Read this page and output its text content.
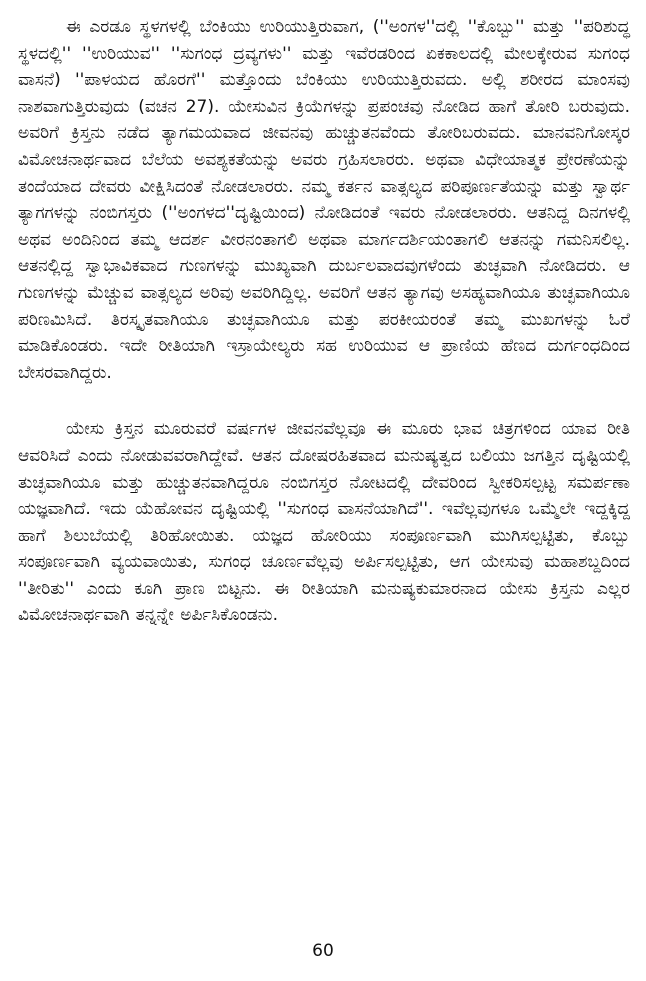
ಈ ಎರಡೂ ಸ್ಥಳಗಳಲ್ಲಿ ಬೆಂಕಿಯು ಉರಿಯುತ್ತಿರುವಾಗ, (''ಅಂಗಳ''ದಲ್ಲಿ ''ಕೊಬ್ಬು'' ಮತ್ತು ''ಪರಿಶುದ್ಧ ಸ್ಥಳದಲ್ಲಿ'' ''ಉರಿಯುವ'' ''ಸುಗಂಧ ದ್ರವ್ಯಗಳು'' ಮತ್ತು ಇವೆರಡರಿಂದ ಏಕಕಾಲದಲ್ಲಿ ಮೇಲಕ್ಕೇರುವ ಸುಗಂಧ ವಾಸನೆ) ''ಪಾಳಯದ ಹೊರಗೆ'' ಮತ್ತೊಂದು ಬೆಂಕಿಯು ಉರಿಯುತ್ತಿರುವದು. ಅಲ್ಲಿ ಶರೀರದ ಮಾಂಸವು ನಾಶವಾಗುತ್ತಿರುವುದು (ವಚನ 27). ಯೇಸುವಿನ ಕ್ರಿಯೆಗಳನ್ನು ಪ್ರಪಂಚವು ನೋಡಿದ ಹಾಗೆ ತೋರಿ ಬರುವುದು. ಅವರಿಗೆ ಕ್ರಿಸ್ತನು ನಡೆದ ತ್ಯಾಗಮಯವಾದ ಜೀವನವು ಹುಚ್ಚುತನವೆಂದು ತೋರಿಬರುವದು. ಮಾನವನಿಗೋಸ್ಕರ ವಿಮೋಚನಾರ್ಥವಾದ ಬೆಲೆಯ ಅವಶ್ಯಕತೆಯನ್ನು ಅವರು ಗ್ರಹಿಸಲಾರರು. ಅಥವಾ ವಿಧೇಯಾತ್ಮಕ ಪ್ರೇರಣೆಯನ್ನು ತಂದೆಯಾದ ದೇವರು ವೀಕ್ಷಿಸಿದಂತೆ ನೋಡಲಾರರು. ನಮ್ಮ ಕರ್ತನ ವಾತ್ಸಲ್ಯದ ಪರಿಪೂರ್ಣತೆಯನ್ನು ಮತ್ತು ಸ್ವಾರ್ಥ ತ್ಯಾಗಗಳನ್ನು ನಂಬಿಗಸ್ತರು (''ಅಂಗಳದ''ದೃಷ್ಟಿಯಿಂದ) ನೋಡಿದಂತೆ ಇವರು ನೋಡಲಾರರು. ಆತನಿದ್ದ ದಿನಗಳಲ್ಲಿ ಅಥವ ಅಂದಿನಿಂದ ತಮ್ಮ ಆದರ್ಶ ವೀರನಂತಾಗಲಿ ಅಥವಾ ಮಾರ್ಗದರ್ಶಿಯಂತಾಗಲಿ ಆತನನ್ನು ಗಮನಿಸಲಿಲ್ಲ. ಆತನಲ್ಲಿದ್ದ ಸ್ವಾಭಾವಿಕವಾದ ಗುಣಗಳನ್ನು ಮುಖ್ಯವಾಗಿ ದುರ್ಬಲವಾದವುಗಳೆಂದು ತುಚ್ಛವಾಗಿ ನೋಡಿದರು. ಆ ಗುಣಗಳನ್ನು ಮೆಚ್ಚುವ ವಾತ್ಸಲ್ಯದ ಅರಿವು ಅವರಿಗಿದ್ದಿಲ್ಲ. ಅವರಿಗೆ ಆತನ ತ್ಯಾಗವು ಅಸಹ್ಯವಾಗಿಯೂ ತುಚ್ಛವಾಗಿಯೂ ಪರಿಣಮಿಸಿದೆ. ತಿರಸ್ಕೃತವಾಗಿಯೂ ತುಚ್ಛವಾಗಿಯೂ ಮತ್ತು ಪರಕೀಯರಂತೆ ತಮ್ಮ ಮುಖಗಳನ್ನು ಓರೆ ಮಾಡಿಕೊಂಡರು. ಇದೇ ರೀತಿಯಾಗಿ ಇಸ್ರಾಯೇಲ್ಯರು ಸಹ ಉರಿಯುವ ಆ ಪ್ರಾಣಿಯ ಹೆಣದ ದುರ್ಗಂಧದಿಂದ ಬೇಸರವಾಗಿದ್ದರು.

ಯೇಸು ಕ್ರಿಸ್ತನ ಮೂರುವರೆ ವರ್ಷಗಳ ಜೀವನವೆಲ್ಲವೂ ಈ ಮೂರು ಭಾವ ಚಿತ್ರಗಳಿಂದ ಯಾವ ರೀತಿ ಆವರಿಸಿದೆ ಎಂದು ನೋಡುವವರಾಗಿದ್ದೇವೆ. ಆತನ ದೋಷರಹಿತವಾದ ಮನುಷ್ಯತ್ವದ ಬಲಿಯು ಜಗತ್ತಿನ ದೃಷ್ಟಿಯಲ್ಲಿ ತುಚ್ಛವಾಗಿಯೂ ಮತ್ತು ಹುಚ್ಚುತನವಾಗಿದ್ದರೂ ನಂಬಿಗಸ್ತರ ನೋಟದಲ್ಲಿ ದೇವರಿಂದ ಸ್ವೀಕರಿಸಲ್ಪಟ್ಟ ಸಮರ್ಪಣಾ ಯಜ್ಞವಾಗಿದೆ. ಇದು ಯೆಹೋವನ ದೃಷ್ಟಿಯಲ್ಲಿ ''ಸುಗಂಧ ವಾಸನೆಯಾಗಿದೆ''. ಇವೆಲ್ಲವುಗಳೂ ಒಮ್ಮೆಲೇ ಇದ್ದಕ್ಕಿದ್ದ ಹಾಗೆ ಶಿಲುಬೆಯಲ್ಲಿ ತಿರಿಹೋಯಿತು. ಯಜ್ಞದ ಹೋರಿಯು ಸಂಪೂರ್ಣವಾಗಿ ಮುಗಿಸಲ್ಪಟ್ಟಿತು, ಕೊಬ್ಬು ಸಂಪೂರ್ಣವಾಗಿ ವ್ಯಯವಾಯಿತು, ಸುಗಂಧ ಚೂರ್ಣವೆಲ್ಲವು ಅರ್ಪಿಸಲ್ಪಟ್ಟಿತು, ಆಗ ಯೇಸುವು ಮಹಾಶಬ್ದದಿಂದ ''ತೀರಿತು'' ಎಂದು ಕೂಗಿ ಪ್ರಾಣ ಬಿಟ್ಟನು. ಈ ರೀತಿಯಾಗಿ ಮನುಷ್ಯಕುಮಾರನಾದ ಯೇಸು ಕ್ರಿಸ್ತನು ಎಲ್ಲರ ವಿಮೋಚನಾರ್ಥವಾಗಿ ತನ್ನನ್ನೇ ಅರ್ಪಿಸಿಕೊಂಡನು.

60
